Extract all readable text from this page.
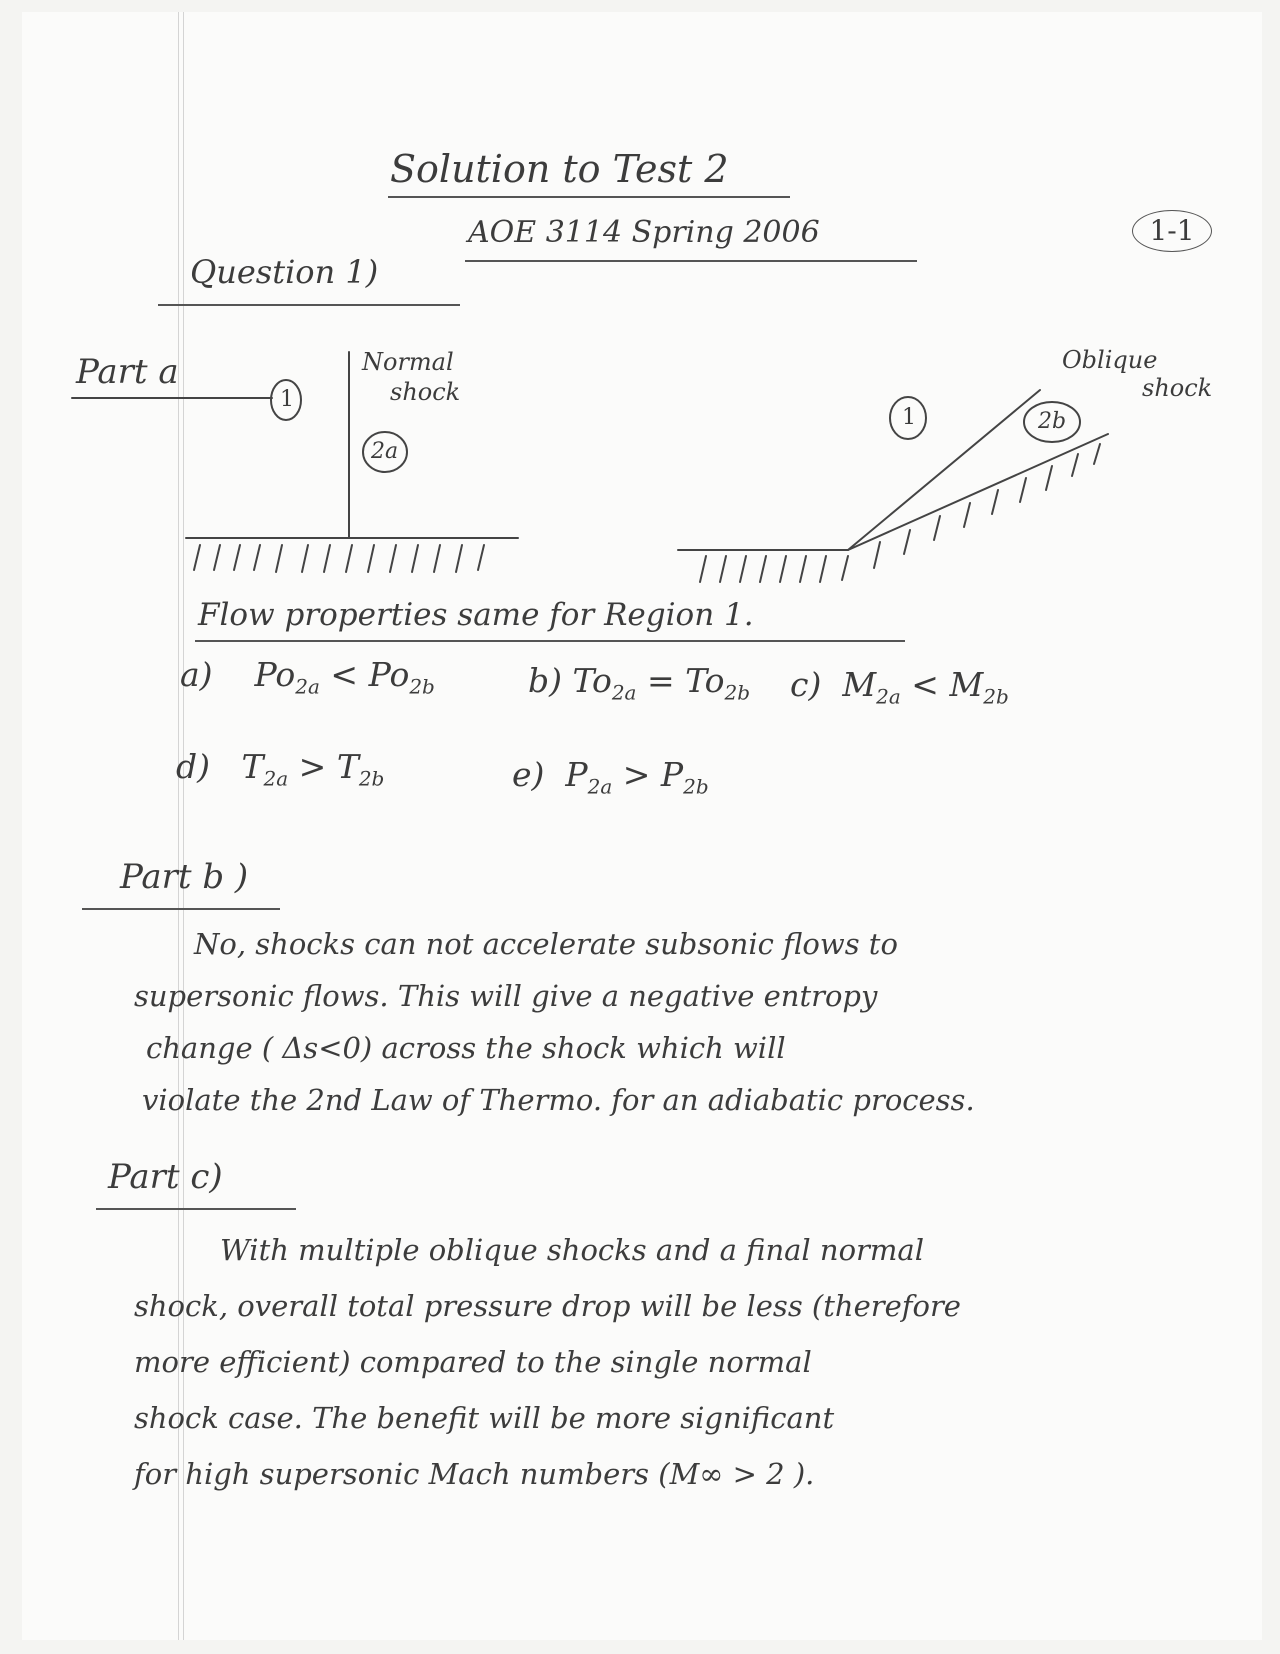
Solution to Test 2
AOE 3114 Spring 2006	1-1
Question 1)
Part a
1
2a
Normal
shock
1	2b
Oblique
shock
Flow properties same for Region 1.
a) $Po_{2a} < Po_{2b}$	b) $To_{2a} = To_{2b}$ c) $M_{2a} < M_{2b}$
d) $T_{2a} > T_{2b}$	e) $P_{2a} > P_{2b}$
Part b )
No, shocks can not accelerate subsonic flows to
supersonic flows. This will give a negative entropy
change ( Δs<0) across the shock which will
violate the 2nd Law of Thermo. for an adiabatic process.
Part c)
With multiple oblique shocks and a final normal
shock, overall total pressure drop will be less (therefore
more efficient) compared to the single normal
shock case. The benefit will be more significant
for high supersonic Mach numbers (M∞ > 2 ).
